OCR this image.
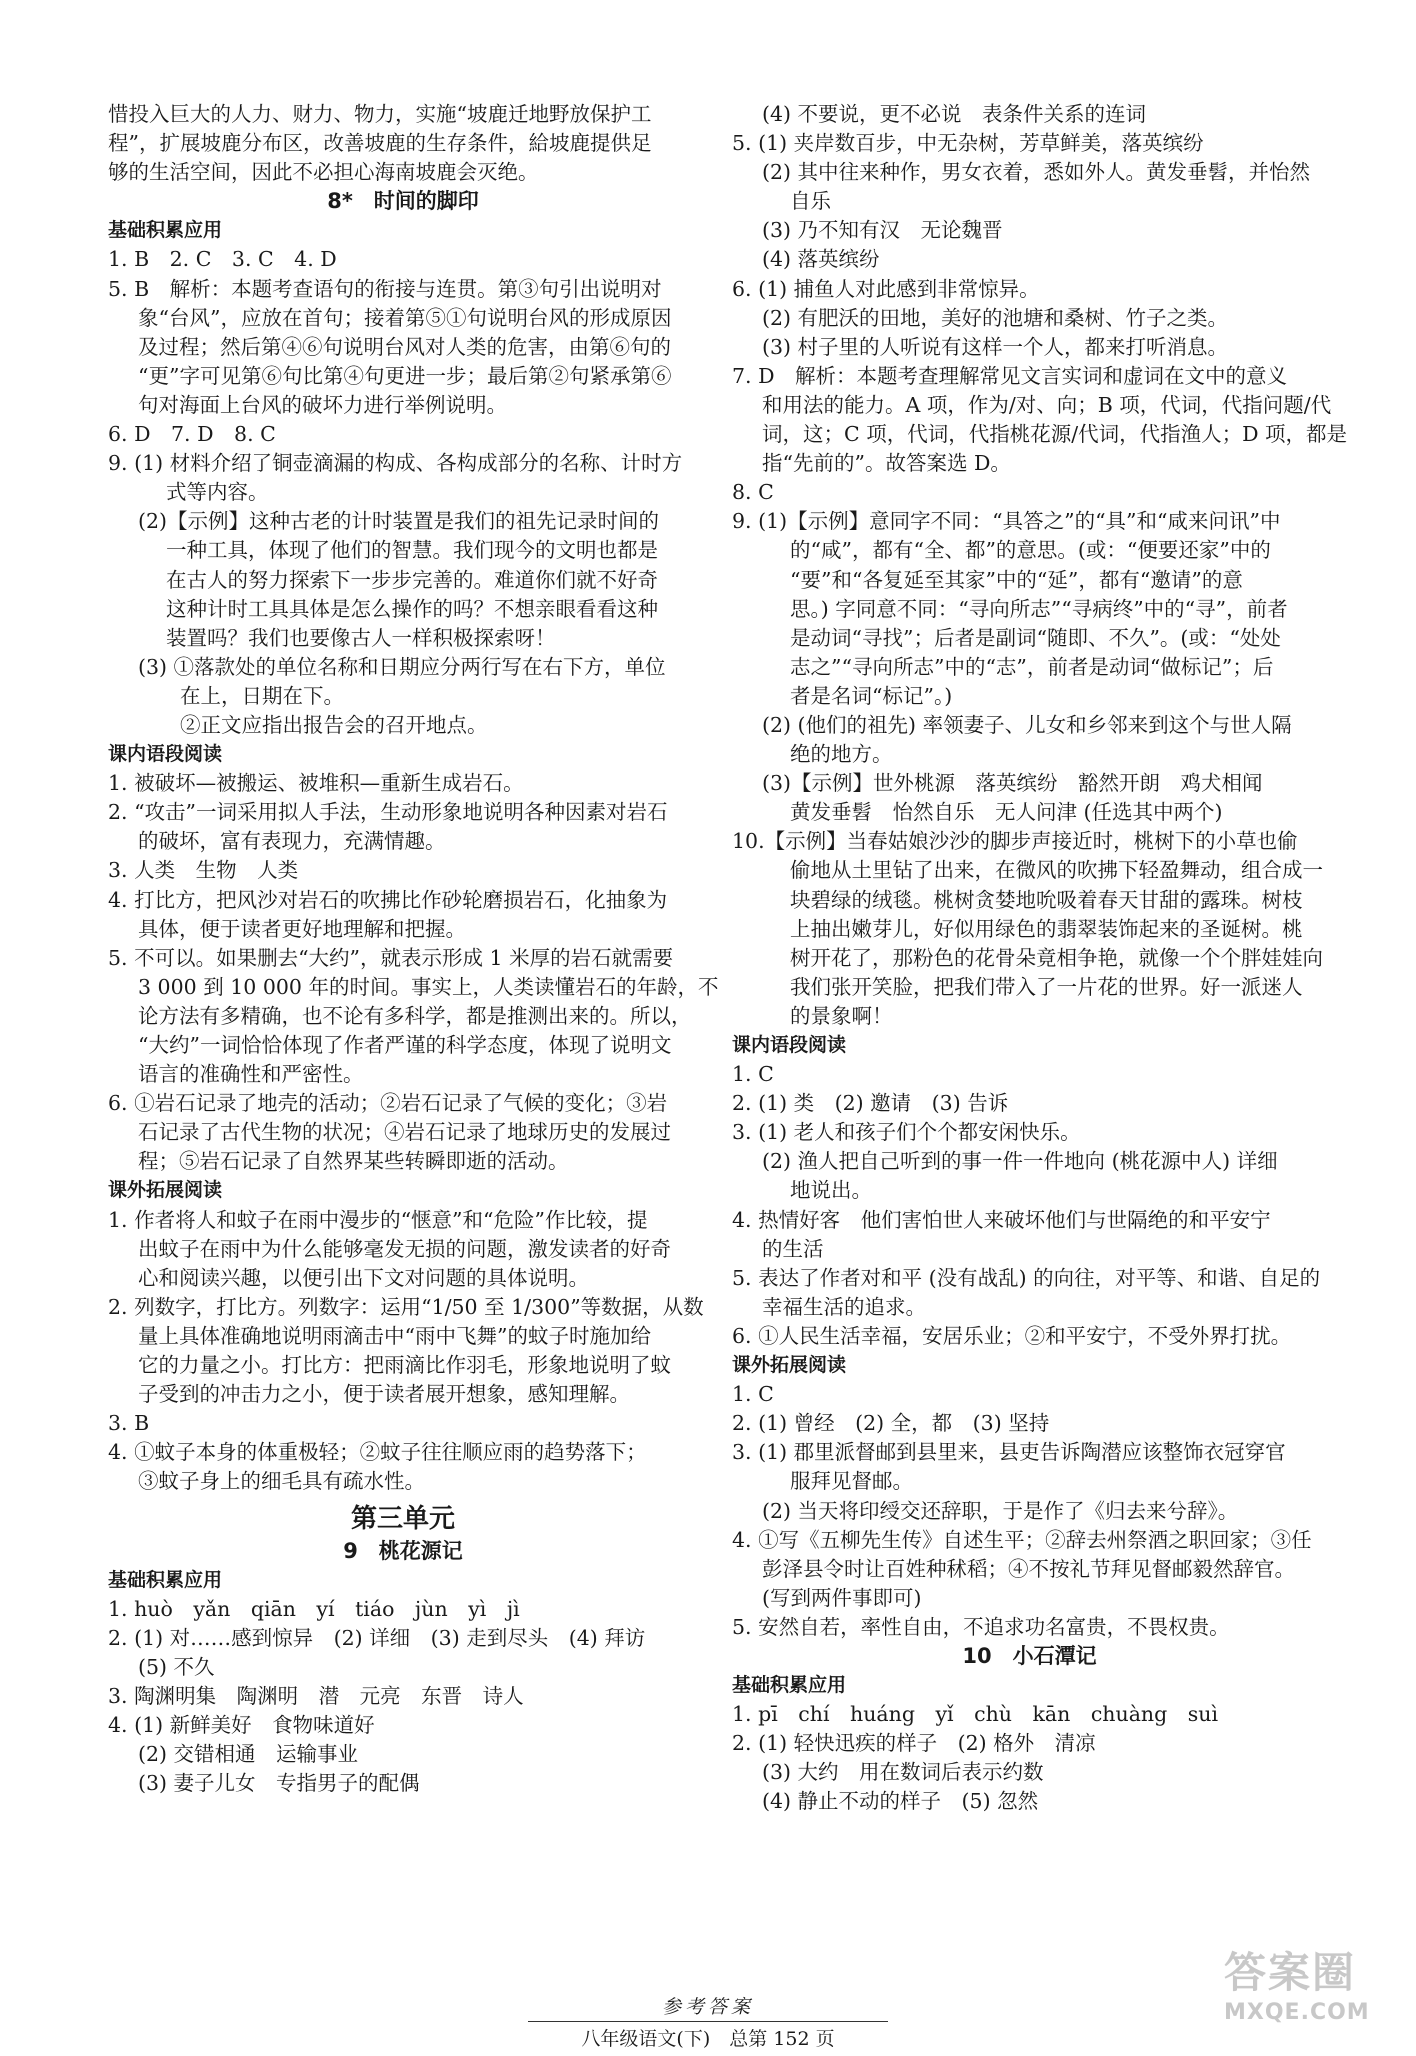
惜投入巨大的人力、财力、物力，实施“坡鹿迁地野放保护工
程”，扩展坡鹿分布区，改善坡鹿的生存条件，給坡鹿提供足
够的生活空间，因此不必担心海南坡鹿会灭绝。
8*　时间的脚印
基础积累应用
1. B　2. C　3. C　4. D
5. B　解析：本题考查语句的衔接与连贯。第③句引出说明对
象“台风”，应放在首句；接着第⑤①句说明台风的形成原因
及过程；然后第④⑥句说明台风对人类的危害，由第⑥句的
“更”字可见第⑥句比第④句更进一步；最后第②句紧承第⑥
句对海面上台风的破坏力进行举例说明。
6. D　7. D　8. C
9. (1) 材料介绍了铜壶滴漏的构成、各构成部分的名称、计时方
式等内容。
(2)【示例】这种古老的计时装置是我们的祖先记录时间的
一种工具，体现了他们的智慧。我们现今的文明也都是
在古人的努力探索下一步步完善的。难道你们就不好奇
这种计时工具具体是怎么操作的吗？不想亲眼看看这种
装置吗？我们也要像古人一样积极探索呀！
(3) ①落款处的单位名称和日期应分两行写在右下方，单位
在上，日期在下。
②正文应指出报告会的召开地点。
课内语段阅读
1. 被破坏—被搬运、被堆积—重新生成岩石。
2. “攻击”一词采用拟人手法，生动形象地说明各种因素对岩石
的破坏，富有表现力，充满情趣。
3. 人类　生物　人类
4. 打比方，把风沙对岩石的吹拂比作砂轮磨损岩石，化抽象为
具体，便于读者更好地理解和把握。
5. 不可以。如果删去“大约”，就表示形成 1 米厚的岩石就需要
3 000 到 10 000 年的时间。事实上，人类读懂岩石的年龄，不
论方法有多精确，也不论有多科学，都是推测出来的。所以，
“大约”一词恰恰体现了作者严谨的科学态度，体现了说明文
语言的准确性和严密性。
6. ①岩石记录了地壳的活动；②岩石记录了气候的变化；③岩
石记录了古代生物的状况；④岩石记录了地球历史的发展过
程；⑤岩石记录了自然界某些转瞬即逝的活动。
课外拓展阅读
1. 作者将人和蚊子在雨中漫步的“惬意”和“危险”作比较，提
出蚊子在雨中为什么能够毫发无损的问题，激发读者的好奇
心和阅读兴趣，以便引出下文对问题的具体说明。
2. 列数字，打比方。列数字：运用“1/50 至 1/300”等数据，从数
量上具体准确地说明雨滴击中“雨中飞舞”的蚊子时施加给
它的力量之小。打比方：把雨滴比作羽毛，形象地说明了蚊
子受到的冲击力之小，便于读者展开想象，感知理解。
3. B
4. ①蚊子本身的体重极轻；②蚊子往往顺应雨的趋势落下；
③蚊子身上的细毛具有疏水性。
第三单元
9　桃花源记
基础积累应用
1. huò　yǎn　qiān　yí　tiáo　jùn　yì　jì
2. (1) 对……感到惊异　(2) 详细　(3) 走到尽头　(4) 拜访
(5) 不久
3. 陶渊明集　陶渊明　潜　元亮　东晋　诗人
4. (1) 新鲜美好　食物味道好
(2) 交错相通　运输事业
(3) 妻子儿女　专指男子的配偶
(4) 不要说，更不必说　表条件关系的连词
5. (1) 夹岸数百步，中无杂树，芳草鲜美，落英缤纷
(2) 其中往来种作，男女衣着，悉如外人。黄发垂髫，并怡然
自乐
(3) 乃不知有汉　无论魏晋
(4) 落英缤纷
6. (1) 捕鱼人对此感到非常惊异。
(2) 有肥沃的田地，美好的池塘和桑树、竹子之类。
(3) 村子里的人听说有这样一个人，都来打听消息。
7. D　解析：本题考查理解常见文言实词和虚词在文中的意义
和用法的能力。A 项，作为/对、向；B 项，代词，代指问题/代
词，这；C 项，代词，代指桃花源/代词，代指渔人；D 项，都是
指“先前的”。故答案选 D。
8. C
9. (1)【示例】意同字不同：“具答之”的“具”和“咸来问讯”中
的“咸”，都有“全、都”的意思。(或：“便要还家”中的
“要”和“各复延至其家”中的“延”，都有“邀请”的意
思。) 字同意不同：“寻向所志”“寻病终”中的“寻”，前者
是动词“寻找”；后者是副词“随即、不久”。(或：“处处
志之”“寻向所志”中的“志”，前者是动词“做标记”；后
者是名词“标记”。)
(2) (他们的祖先) 率领妻子、儿女和乡邻来到这个与世人隔
绝的地方。
(3)【示例】世外桃源　落英缤纷　豁然开朗　鸡犬相闻
黄发垂髫　怡然自乐　无人问津 (任选其中两个)
10.【示例】当春姑娘沙沙的脚步声接近时，桃树下的小草也偷
偷地从土里钻了出来，在微风的吹拂下轻盈舞动，组合成一
块碧绿的绒毯。桃树贪婪地吮吸着春天甘甜的露珠。树枝
上抽出嫩芽儿，好似用绿色的翡翠装饰起来的圣诞树。桃
树开花了，那粉色的花骨朵竟相争艳，就像一个个胖娃娃向
我们张开笑脸，把我们带入了一片花的世界。好一派迷人
的景象啊！
课内语段阅读
1. C
2. (1) 类　(2) 邀请　(3) 告诉
3. (1) 老人和孩子们个个都安闲快乐。
(2) 渔人把自己听到的事一件一件地向 (桃花源中人) 详细
地说出。
4. 热情好客　他们害怕世人来破坏他们与世隔绝的和平安宁
的生活
5. 表达了作者对和平 (没有战乱) 的向往，对平等、和谐、自足的
幸福生活的追求。
6. ①人民生活幸福，安居乐业；②和平安宁，不受外界打扰。
课外拓展阅读
1. C
2. (1) 曾经　(2) 全，都　(3) 坚持
3. (1) 郡里派督邮到县里来，县吏告诉陶潜应该整饰衣冠穿官
服拜见督邮。
(2) 当天将印绶交还辞职，于是作了《归去来兮辞》。
4. ①写《五柳先生传》自述生平；②辞去州祭酒之职回家；③任
彭泽县令时让百姓种秫稻；④不按礼节拜见督邮毅然辞官。
(写到两件事即可)
5. 安然自若，率性自由，不追求功名富贵，不畏权贵。
10　小石潭记
基础积累应用
1. pī　chí　huáng　yǐ　chù　kān　chuàng　suì
2. (1) 轻快迅疾的样子　(2) 格外　清凉
(3) 大约　用在数词后表示约数
(4) 静止不动的样子　(5) 忽然
参考答案
八年级语文(下)　总第 152 页
答案圈
MXQE.COM
